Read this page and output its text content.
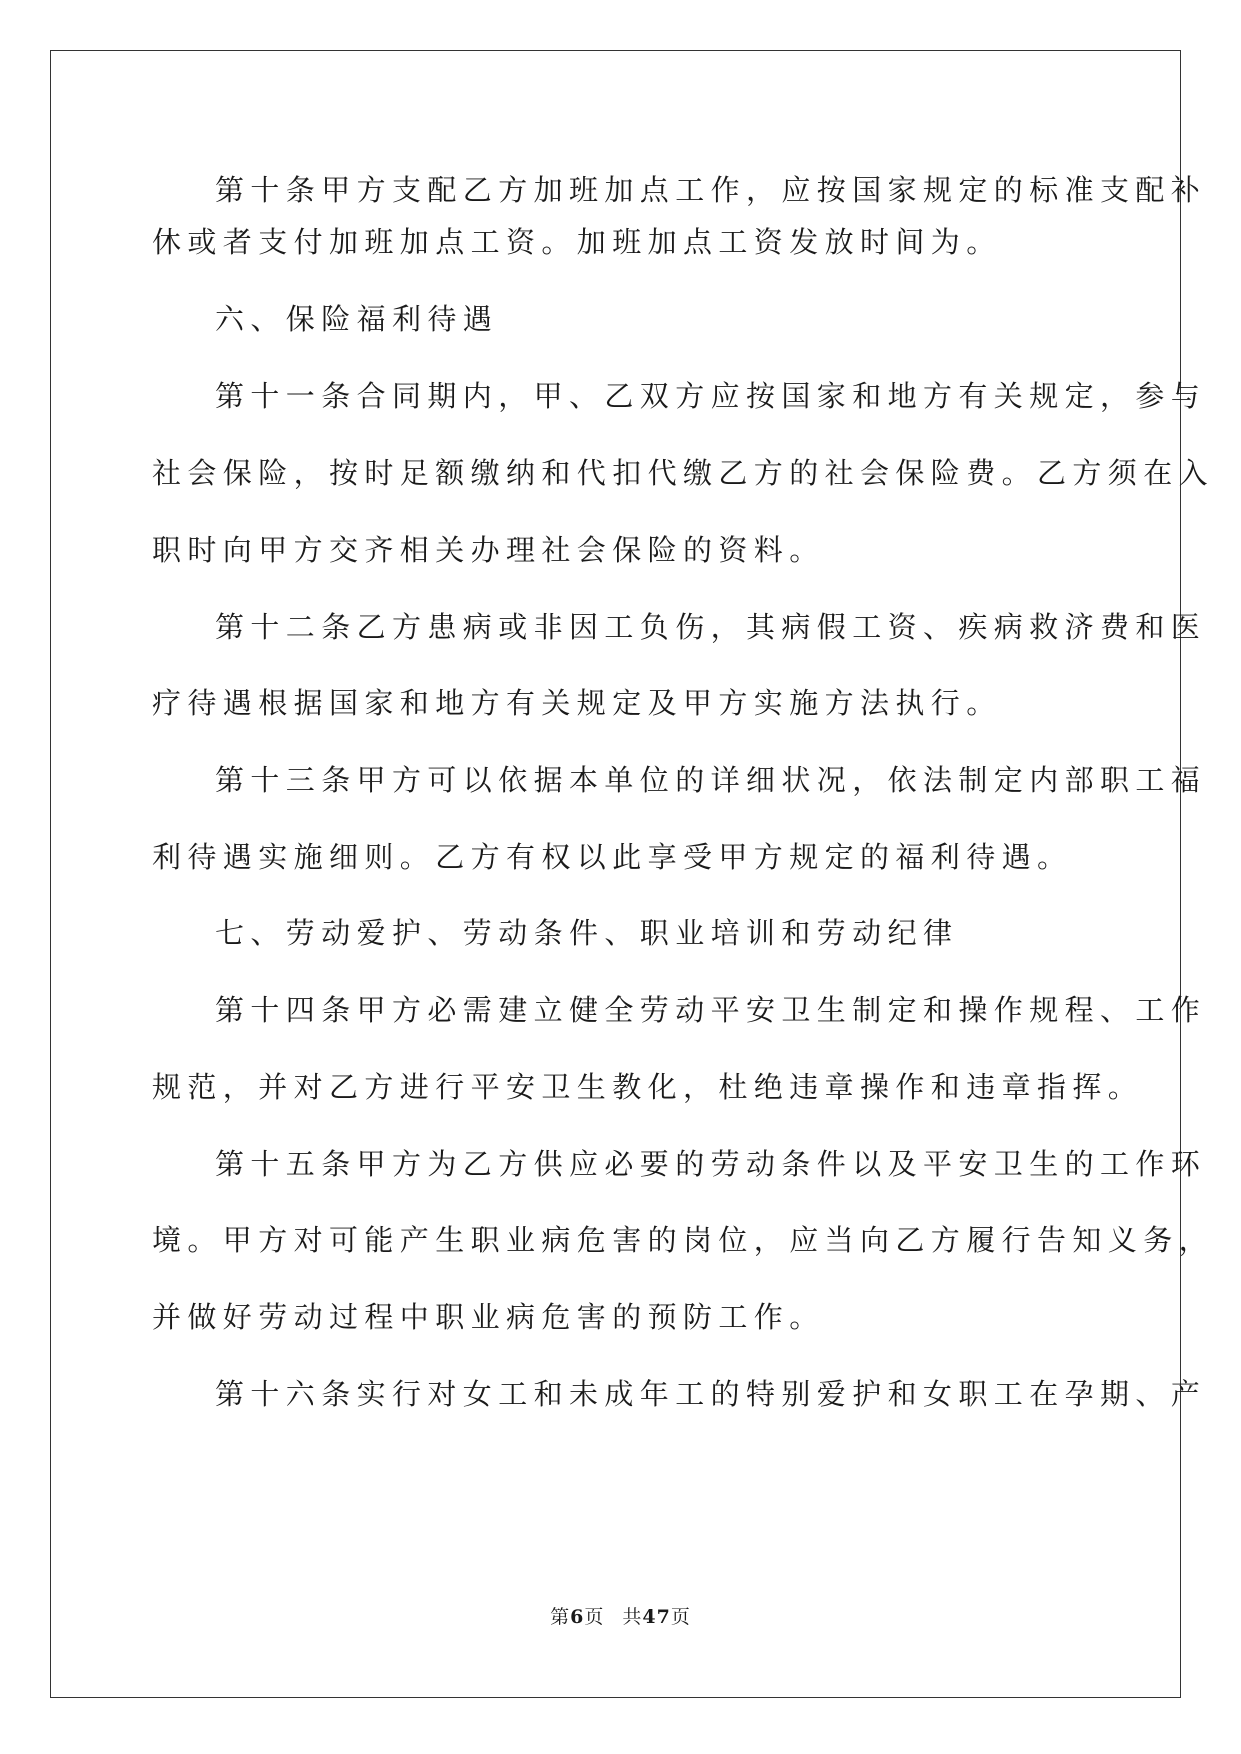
第十条甲方支配乙方加班加点工作，应按国家规定的标准支配补
休或者支付加班加点工资。加班加点工资发放时间为。
六、保险福利待遇
第十一条合同期内，甲、乙双方应按国家和地方有关规定，参与
社会保险，按时足额缴纳和代扣代缴乙方的社会保险费。乙方须在入
职时向甲方交齐相关办理社会保险的资料。
第十二条乙方患病或非因工负伤，其病假工资、疾病救济费和医
疗待遇根据国家和地方有关规定及甲方实施方法执行。
第十三条甲方可以依据本单位的详细状况，依法制定内部职工福
利待遇实施细则。乙方有权以此享受甲方规定的福利待遇。
七、劳动爱护、劳动条件、职业培训和劳动纪律
第十四条甲方必需建立健全劳动平安卫生制定和操作规程、工作
规范，并对乙方进行平安卫生教化，杜绝违章操作和违章指挥。
第十五条甲方为乙方供应必要的劳动条件以及平安卫生的工作环
境。甲方对可能产生职业病危害的岗位，应当向乙方履行告知义务，
并做好劳动过程中职业病危害的预防工作。
第十六条实行对女工和未成年工的特别爱护和女职工在孕期、产
第6页 共47页
